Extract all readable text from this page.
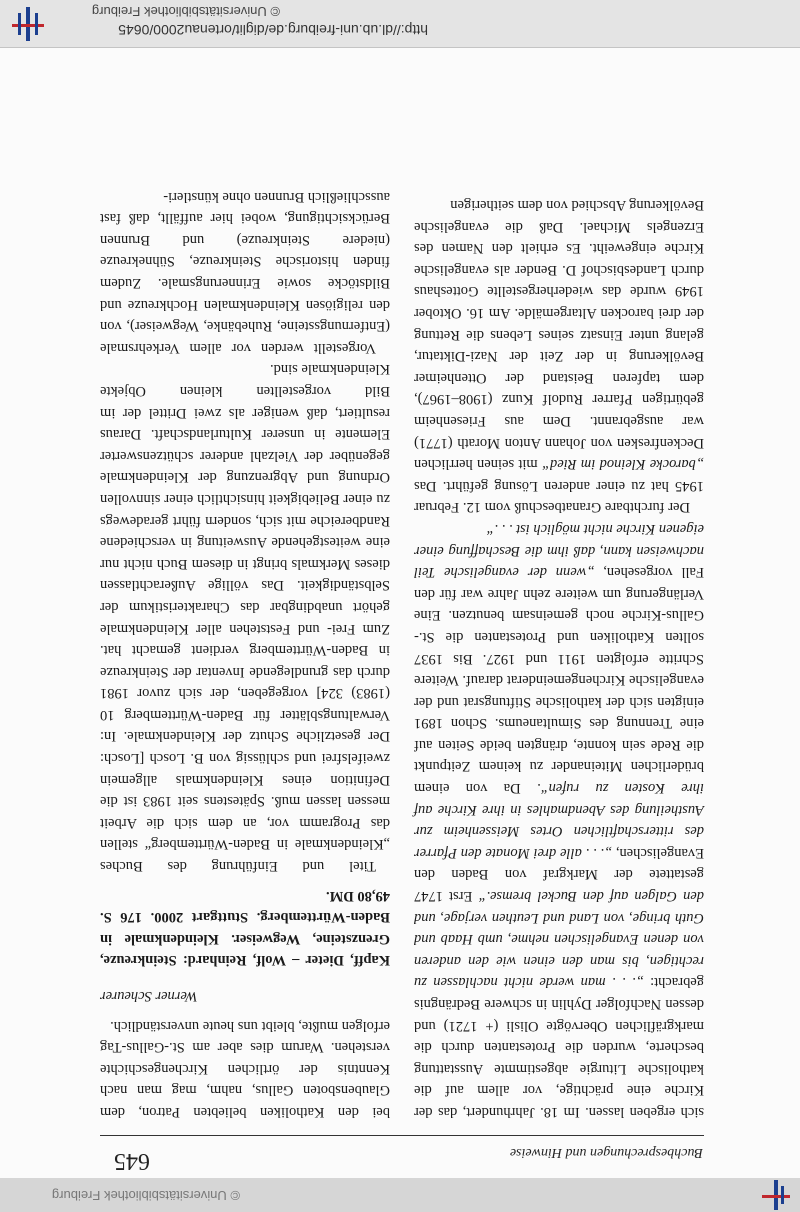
© Universitätsbibliothek Freiburg
Buchbesprechungen und Hinweise
645

sich ergeben lassen. Im 18. Jahrhundert, das der Kirche eine prächtige, vor allem auf die katholische Liturgie abgestimmte Ausstattung bescherte, wurden die Protestanten durch die markgräflichen Obervögte Olisli (+ 1721) und dessen Nachfolger Dyhlin in schwere Bedrängnis gebracht: „. . . man werde nicht nachlassen zu rechtigen, bis man den einen wie den anderen von denen Evangelischen nehme, umb Haab und Guth bringe, von Land und Leuthen verjage, und den Galgen auf den Buckel bremse.“ Erst 1747 gestattete der Markgraf von Baden den Evangelischen, „. . . alle drei Monate den Pfarrer des ritterschaftlichen Ortes Meissenheim zur Austheilung des Abendmahles in ihre Kirche auf ihre Kosten zu rufen“. Da von einem brüderlichen Miteinander zu keinem Zeitpunkt die Rede sein konnte, drängten beide Seiten auf eine Trennung des Simultaneums. Schon 1891 einigten sich der katholische Stiftungsrat und der evangelische Kirchengemeinderat darauf. Weitere Schritte erfolgten 1911 und 1927. Bis 1937 sollten Katholiken und Protestanten die St.-Gallus-Kirche noch gemeinsam benutzen. Eine Verlängerung um weitere zehn Jahre war für den Fall vorgesehen, „wenn der evangelische Teil nachweisen kann, daß ihm die Beschaffung einer eigenen Kirche nicht möglich ist . . .“

Der furchtbare Granatbeschuß vom 12. Februar 1945 hat zu einer anderen Lösung geführt. Das „barocke Kleinod im Ried“ mit seinen herrlichen Deckenfresken von Johann Anton Morath (1771) war ausgebrannt. Dem aus Friesenheim gebürtigen Pfarrer Rudolf Kunz (1908–1967), dem tapferen Beistand der Ottenheimer Bevölkerung in der Zeit der Nazi-Diktatur, gelang unter Einsatz seines Lebens die Rettung der drei barocken Altargemälde. Am 16. Oktober 1949 wurde das wiederhergestellte Gotteshaus durch Landesbischof D. Bender als evangelische Kirche eingeweiht. Es erhielt den Namen des Erzengels Michael. Daß die evangelische Bevölkerung Abschied von dem seitherigen

bei den Katholiken beliebten Patron, dem Glaubensboten Gallus, nahm, mag man nach Kenntnis der örtlichen Kirchengeschichte verstehen. Warum dies aber am St.-Gallus-Tag erfolgen mußte, bleibt uns heute unverständlich.

Werner Scheurer

Kapff, Dieter – Wolf, Reinhard: Steinkreuze, Grenzsteine, Wegweiser. Kleindenkmale in Baden-Württemberg. Stuttgart 2000. 176 S. 49,80 DM.

Titel und Einführung des Buches „Kleindenkmale in Baden-Württemberg“ stellen das Programm vor, an dem sich die Arbeit messen lassen muß. Spätestens seit 1983 ist die Definition eines Kleindenkmals allgemein zweifelsfrei und schlüssig von B. Losch [Losch: Der gesetzliche Schutz der Kleindenkmale. In: Verwaltungsblätter für Baden-Württemberg 10 (1983) 324] vorgegeben, der sich zuvor 1981 durch das grundlegende Inventar der Steinkreuze in Baden-Württemberg verdient gemacht hat. Zum Frei- und Feststehen aller Kleindenkmale gehört unabdingbar das Charakteristikum der Selbständigkeit. Das völlige Außerachtlassen dieses Merkmals bringt in diesem Buch nicht nur eine weitestgehende Ausweitung in verschiedene Randbereiche mit sich, sondern führt geradewegs zu einer Beliebigkeit hinsichtlich einer sinnvollen Ordnung und Abgrenzung der Kleindenkmale gegenüber der Vielzahl anderer schützenswerter Elemente in unserer Kulturlandschaft. Daraus resultiert, daß weniger als zwei Drittel der im Bild vorgestellten kleinen Objekte Kleindenkmale sind.

Vorgestellt werden vor allem Verkehrsmale (Entfernungssteine, Ruhebänke, Wegweiser), von den religiösen Kleindenkmalen Hochkreuze und Bildstöcke sowie Erinnerungsmale. Zudem finden historische Steinkreuze, Sühnekreuze (niedere Steinkreuze) und Brunnen Berücksichtigung, wobei hier auffällt, daß fast ausschließlich Brunnen ohne künstleri-

http://dl.ub.uni-freiburg.de/diglit/ortenau2000/0645
© Universitätsbibliothek Freiburg
